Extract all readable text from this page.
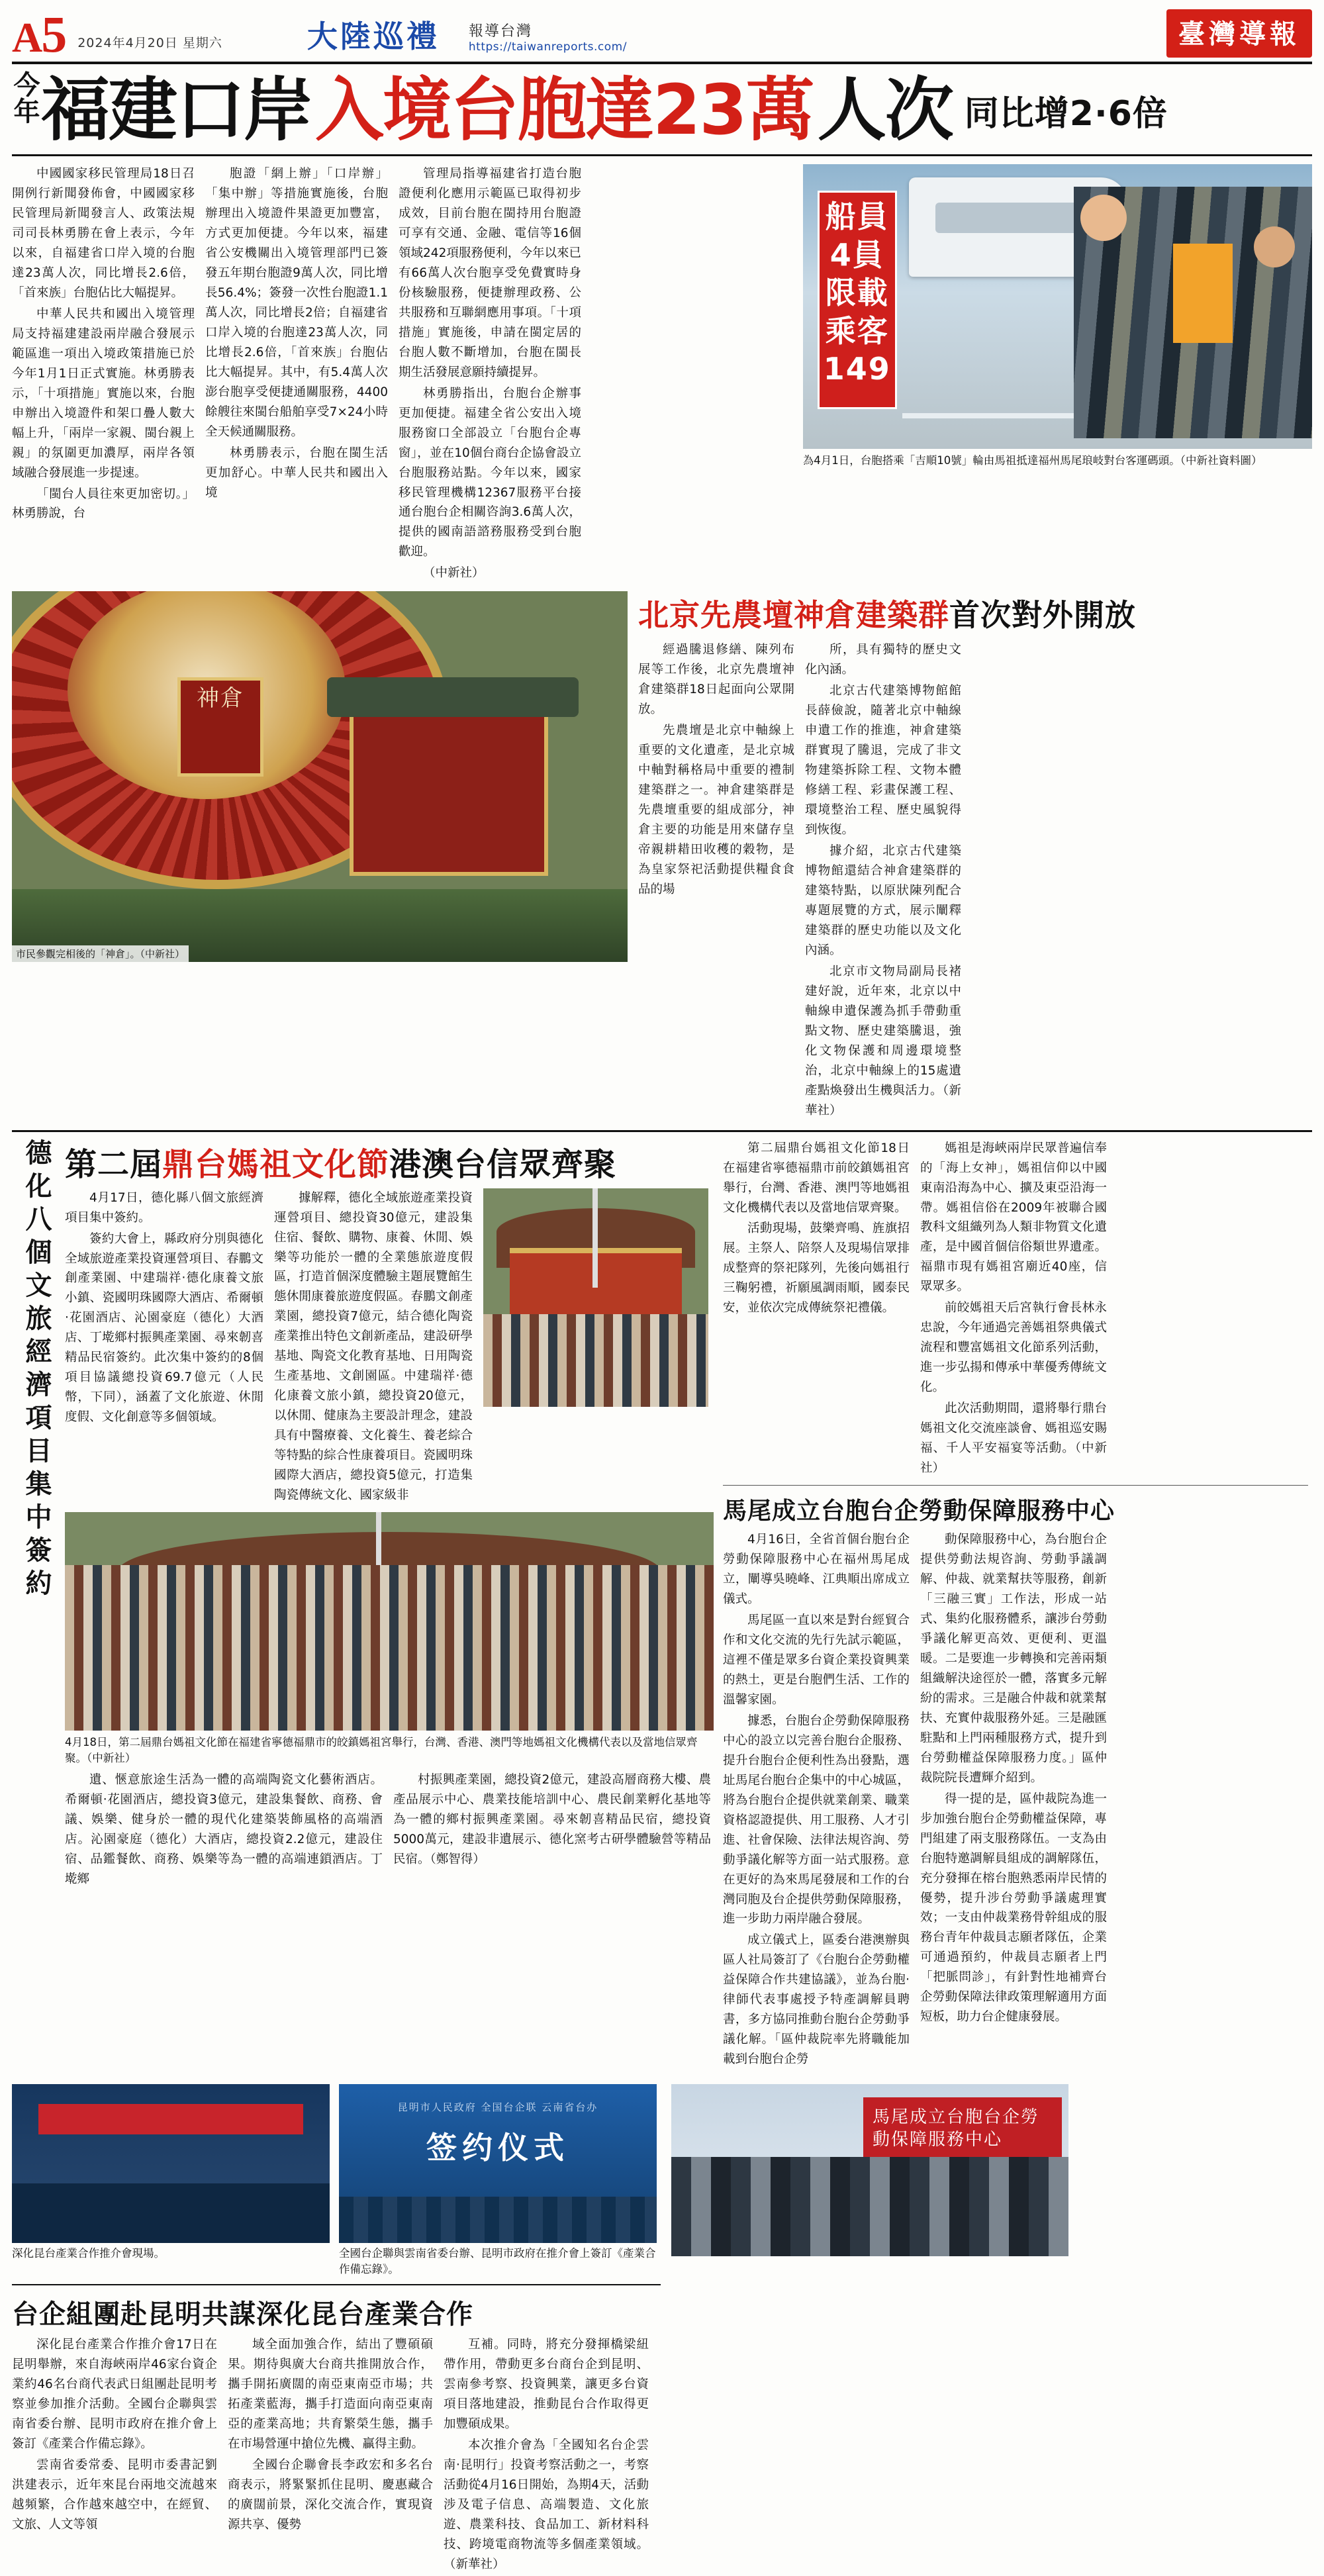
A5 2024年4月20日 星期六	大陸巡禮 報導台灣
https://taiwanreports.com/	臺灣導報
今年 福建口岸 入境台胞達23萬 人次 同比增2·6倍

中國國家移民管理局18日召開例行新聞發佈會，中國國家移民管理局新聞發言人、政策法規司司長林勇勝在會上表示，今年以來，自福建省口岸入境的台胞達23萬人次，同比增長2.6倍，「首來族」台胞佔比大幅提昇。

中華人民共和國出入境管理局支持福建建設兩岸融合發展示範區進一項出入境政策措施已於今年1月1日正式實施。林勇勝表示，「十項措施」實施以來，台胞申辦出入境證件和架口疊人數大幅上升，「兩岸一家親、閩台親上親」的氛圍更加濃厚，兩岸各領域融合發展進一步提速。

「閩台人員往來更加密切。」林勇勝說，台

胞證「網上辦」「口岸辦」「集中辦」等措施實施後，台胞辦理出入境證件果證更加豐富，方式更加便捷。今年以來，福建省公安機關出入境管理部門已簽發五年期台胞證9萬人次，同比增長56.4%；簽發一次性台胞證1.1萬人次，同比增長2倍；自福建省口岸入境的台胞達23萬人次，同比增長2.6倍，「首來族」台胞佔比大幅提昇。其中，有5.4萬人次澎台胞享受便捷通關服務，4400餘艘往來閩台船舶享受7×24小時全天候通關服務。

林勇勝表示，台胞在閩生活更加舒心。中華人民共和國出入境

管理局指導福建省打造台胞證便利化應用示範區已取得初步成效，目前台胞在閩持用台胞證可享有交通、金融、電信等16個領域242項服務便利，今年以來已有66萬人次台胞享受免費實時身份核驗服務，便捷辦理政務、公共服務和互聯網應用事項。「十項措施」實施後，申請在閩定居的台胞人數不斷增加，台胞在閩長期生活發展意願持續提昇。

林勇勝指出，台胞台企辦事更加便捷。福建全省公安出入境服務窗口全部設立「台胞台企專窗」，並在10個台商台企協會設立台胞服務站點。今年以來，國家移民管理機構12367服務平台接通台胞台企相關咨詢3.6萬人次，提供的國南語諮務服務受到台胞歡迎。

（中新社）

船員4員限載乘客149
為4月1日，台胞搭乘「吉順10號」輪由馬祖抵達福州馬尾琅岐對台客運碼頭。（中新社資料圖）
神倉
市民參觀完相後的「神倉」。（中新社）
北京先農壇神倉建築群首次對外開放

經過騰退修繕、陳列布展等工作後，北京先農壇神倉建築群18日起面向公眾開放。

先農壇是北京中軸線上重要的文化遺產，是北京城中軸對稱格局中重要的禮制建築群之一。神倉建築群是先農壇重要的組成部分，神倉主要的功能是用來儲存皇帝親耕耤田收穫的穀物，是為皇家祭祀活動提供糧食食品的場

所，具有獨特的歷史文化內涵。

北京古代建築博物館館長薛儉說，隨著北京中軸線申遺工作的推進，神倉建築群實現了騰退，完成了非文物建築拆除工程、文物本體修繕工程、彩畫保護工程、環境整治工程、歷史風貌得到恢復。

據介紹，北京古代建築博物館還結合神倉建築群的建築特點，以原狀陳列配合專題展覽的方式，展示闡釋建築群的歷史功能以及文化內涵。

北京市文物局副局長褚建好說，近年來，北京以中軸線申遺保護為抓手帶動重點文物、歷史建築騰退，強化文物保護和周邊環境整治，北京中軸線上的15處遺產點煥發出生機與活力。（新華社）

德化八個文旅經濟項目集中簽約 第二屆鼎台媽祖文化節港澳台信眾齊聚

4月17日，德化縣八個文旅經濟項目集中簽約。

簽約大會上，縣政府分別與德化全域旅遊產業投資運營項目、春鵬文創產業園、中建瑞祥·德化康養文旅小鎮、瓷國明珠國際大酒店、希爾頓·花園酒店、沁園豪庭（德化）大酒店、丁墘鄉村振興產業園、尋來韌喜精品民宿簽約。此次集中簽約的8個項目協議總投資69.7億元（人民幣，下同），涵蓋了文化旅遊、休閒度假、文化創意等多個領域。

據解釋，德化全域旅遊產業投資運營項目、總投資30億元，建設集住宿、餐飲、購物、康養、休閒、娛樂等功能於一體的全業態旅遊度假區，打造首個深度體驗主題展覽館生態休閒康養旅遊度假區。春鵬文創產業園，總投資7億元，結合德化陶瓷產業推出特色文創新產品，建設研學基地、陶瓷文化教育基地、日用陶瓷生產基地、文創園區。中建瑞祥·德化康養文旅小鎮，總投資20億元，以休閒、健康為主要設計理念，建設具有中醫療養、文化養生、養老綜合等特點的綜合性康養項目。瓷國明珠國際大酒店，總投資5億元，打造集陶瓷傳統文化、國家級非

4月18日，第二屆鼎台媽祖文化節在福建省寧德福鼎市的皎鎮媽祖宮舉行，台灣、香港、澳門等地媽祖文化機構代表以及當地信眾齊聚。（中新社）

遺、愜意旅途生活為一體的高端陶瓷文化藝術酒店。希爾頓·花園酒店，總投資3億元，建設集餐飲、商務、會議、娛樂、健身於一體的現代化建築裝飾風格的高端酒店。沁園豪庭（德化）大酒店，總投資2.2億元，建設住宿、品鑑餐飲、商務、娛樂等為一體的高端連鎖酒店。丁墘鄉

村振興產業園，總投資2億元，建設高層商務大樓、農產品展示中心、農業技能培訓中心、農民創業孵化基地等為一體的鄉村振興產業園。尋來韌喜精品民宿，總投資5000萬元，建設非遺展示、德化窯考古研學體驗營等精品民宿。（鄭智得）

第二屆鼎台媽祖文化節18日在福建省寧德福鼎市前皎鎮媽祖宮舉行，台灣、香港、澳門等地媽祖文化機構代表以及當地信眾齊聚。

活動現場，鼓樂齊鳴、旌旗招展。主祭人、陪祭人及現場信眾排成整齊的祭祀隊列，先後向媽祖行三鞠躬禮，祈願風調雨順，國泰民安，並依次完成傳統祭祀禮儀。

媽祖是海峽兩岸民眾普遍信奉的「海上女神」，媽祖信仰以中國東南沿海為中心、擴及東亞沿海一帶。媽祖信俗在2009年被聯合國教科文組織列為人類非物質文化遺產，是中國首個信俗類世界遺產。福鼎市現有媽祖宮廟近40座，信眾眾多。

前皎媽祖天后宮執行會長林永忠說，今年通過完善媽祖祭典儀式流程和豐富媽祖文化節系列活動，進一步弘揚和傳承中華優秀傳統文化。

此次活動期間，還將舉行鼎台媽祖文化交流座談會、媽祖巡安賜福、千人平安福宴等活動。（中新社）

馬尾成立台胞台企勞動保障服務中心

4月16日，全省首個台胞台企勞動保障服務中心在福州馬尾成立，闡導吳曉峰、江典順出席成立儀式。

馬尾區一直以來是對台經貿合作和文化交流的先行先試示範區，這裡不僅是眾多台資企業投資興業的熱土，更是台胞們生活、工作的溫馨家園。

據悉，台胞台企勞動保障服務中心的設立以完善台胞台企服務、提升台胞台企便利性為出發點，選址馬尾台胞台企集中的中心城區，將為台胞台企提供就業創業、職業資格認證提供、用工服務、人才引進、社會保險、法律法規咨詢、勞動爭議化解等方面一站式服務。意在更好的為來馬尾發展和工作的台灣同胞及台企提供勞動保障服務，進一步助力兩岸融合發展。

成立儀式上，區委台港澳辦與區人社局簽訂了《台胞台企勞動權益保障合作共建協議》，並為台胞·律師代表事處授予特產調解員聘書，多方協同推動台胞台企勞動爭議化解。「區仲裁院率先將職能加載到台胞台企勞

動保障服務中心，為台胞台企提供勞動法規咨詢、勞動爭議調解、仲裁、就業幫扶等服務，創新「三融三實」工作法，形成一站式、集約化服務體系，讓涉台勞動爭議化解更高效、更便利、更溫暖。二是要進一步轉換和完善兩類組織解決途徑於一體，落實多元解紛的需求。三是融合仲裁和就業幫扶、充實仲裁服務外延。三是融匯駐點和上門兩種服務方式，提升到台勞動權益保障服務力度。」區仲裁院院長遭輝介紹到。

得一提的是，區仲裁院為進一步加強台胞台企勞動權益保障，專門組建了兩支服務隊伍。一支為由台胞特邀調解員組成的調解隊伍，充分發揮在榕台胞熟悉兩岸民情的優勢，提升涉台勞動爭議處理實效；一支由仲裁業務骨幹組成的服務台青年仲裁員志願者隊伍，企業可通過預約，仲裁員志願者上門「把脈問診」，有針對性地補齊台企勞動保障法律政策理解適用方面短板，助力台企健康發展。

深化昆台產業合作推介會現場。
昆明市人民政府 全国台企联 云南省台办
签约仪式
全國台企聯與雲南省委台辦、昆明市政府在推介會上簽訂《產業合作備忘錄》。
台企組團赴昆明共謀深化昆台產業合作

深化昆台產業合作推介會17日在昆明舉辦，來自海峽兩岸46家台資企業約46名台商代表武日組團赴昆明考察並參加推介活動。全國台企聯與雲南省委台辦、昆明市政府在推介會上簽訂《產業合作備忘錄》。

雲南省委常委、昆明市委書記劉洪建表示，近年來昆台兩地交流越來越頻繁，合作越來越空中，在經貿、文旅、人文等領

域全面加強合作，結出了豐碩碩果。期待與廣大台商共推開放合作，攜手開拓廣闊的南亞東南亞市場；共拓產業藍海，攜手打造面向南亞東南亞的產業高地；共育繁榮生態，攜手在市場營運中搶位先機、贏得主動。

全國台企聯會長李政宏和多名台商表示，將緊緊抓住昆明、慶惠藏合的廣闊前景，深化交流合作，實現資源共享、優勢

互補。同時，將充分發揮橋梁紐帶作用，帶動更多台商台企到昆明、雲南參考察、投資興業，讓更多台資項目落地建設，推動昆台合作取得更加豐碩成果。

本次推介會為「全國知名台企雲南·昆明行」投資考察活動之一，考察活動從4月16日開始，為期4天，活動涉及電子信息、高端製造、文化旅遊、農業科技、食品加工、新材料科技、跨境電商物流等多個產業領域。（新華社）

馬尾成立台胞台企勞動保障服務中心
